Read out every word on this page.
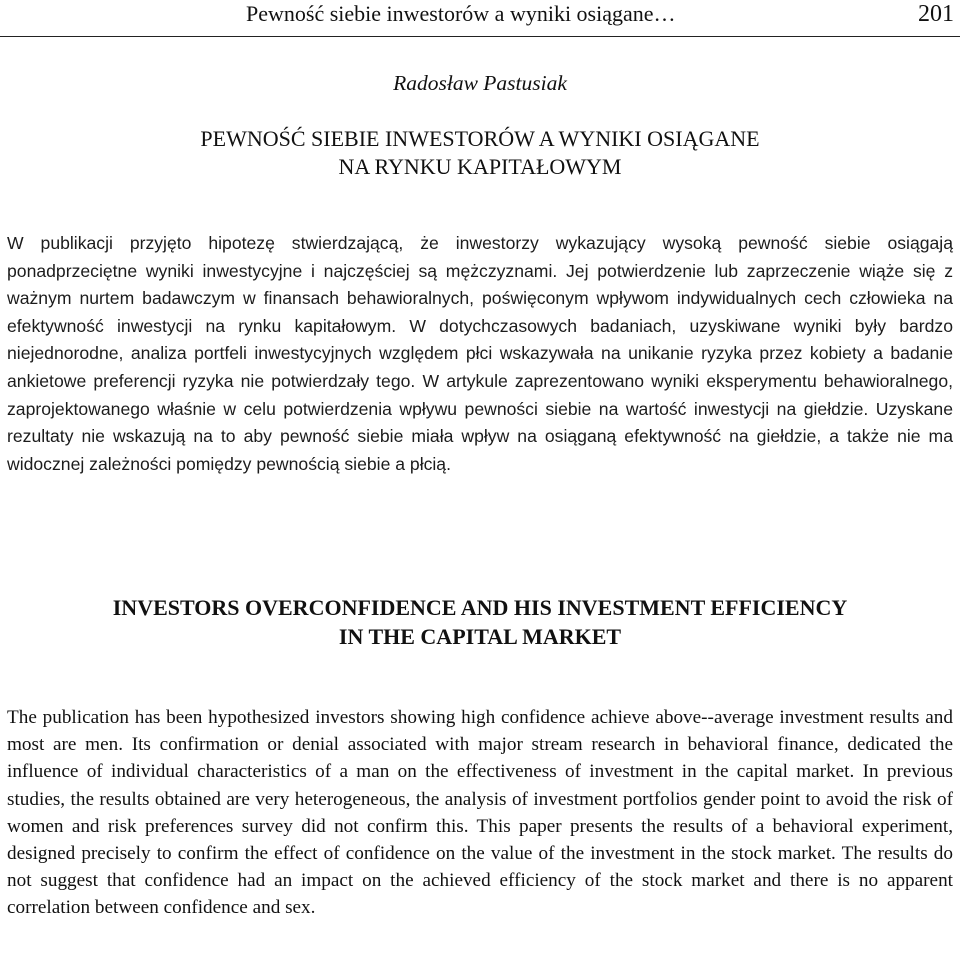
Pewność siebie inwestorów a wyniki osiągane…	201
Radosław Pastusiak
PEWNOŚĆ SIEBIE INWESTORÓW A WYNIKI OSIĄGANE
NA RYNKU KAPITAŁOWYM
W publikacji przyjęto hipotezę stwierdzającą, że inwestorzy wykazujący wysoką pewność siebie osiągają ponadprzeciętne wyniki inwestycyjne i najczęściej są mężczyznami. Jej potwierdzenie lub zaprzeczenie wiąże się z ważnym nurtem badawczym w finansach behawioralnych, poświęconym wpływom indywidualnych cech człowieka na efektywność inwestycji na rynku kapitałowym. W dotychczasowych badaniach, uzyskiwane wyniki były bardzo niejednorodne, analiza portfeli inwestycyjnych względem płci wskazywała na unikanie ryzyka przez kobiety a badanie ankietowe preferencji ryzyka nie potwierdzały tego. W artykule zaprezentowano wyniki eksperymentu behawioralnego, zaprojektowanego właśnie w celu potwierdzenia wpływu pewności siebie na wartość inwestycji na giełdzie. Uzyskane rezultaty nie wskazują na to aby pewność siebie miała wpływ na osiąganą efektywność na giełdzie, a także nie ma widocznej zależności pomiędzy pewnością siebie a płcią.
INVESTORS OVERCONFIDENCE AND HIS INVESTMENT EFFICIENCY
IN THE CAPITAL MARKET
The publication has been hypothesized investors showing high confidence achieve above--average investment results and most are men. Its confirmation or denial associated with major stream research in behavioral finance, dedicated the influence of individual characteristics of a man on the effectiveness of investment in the capital market. In previous studies, the results obtained are very heterogeneous, the analysis of investment portfolios gender point to avoid the risk of women and risk preferences survey did not confirm this. This paper presents the results of a behavioral experiment, designed precisely to confirm the effect of confidence on the value of the investment in the stock market. The results do not suggest that confidence had an impact on the achieved efficiency of the stock market and there is no apparent correlation between confidence and sex.
